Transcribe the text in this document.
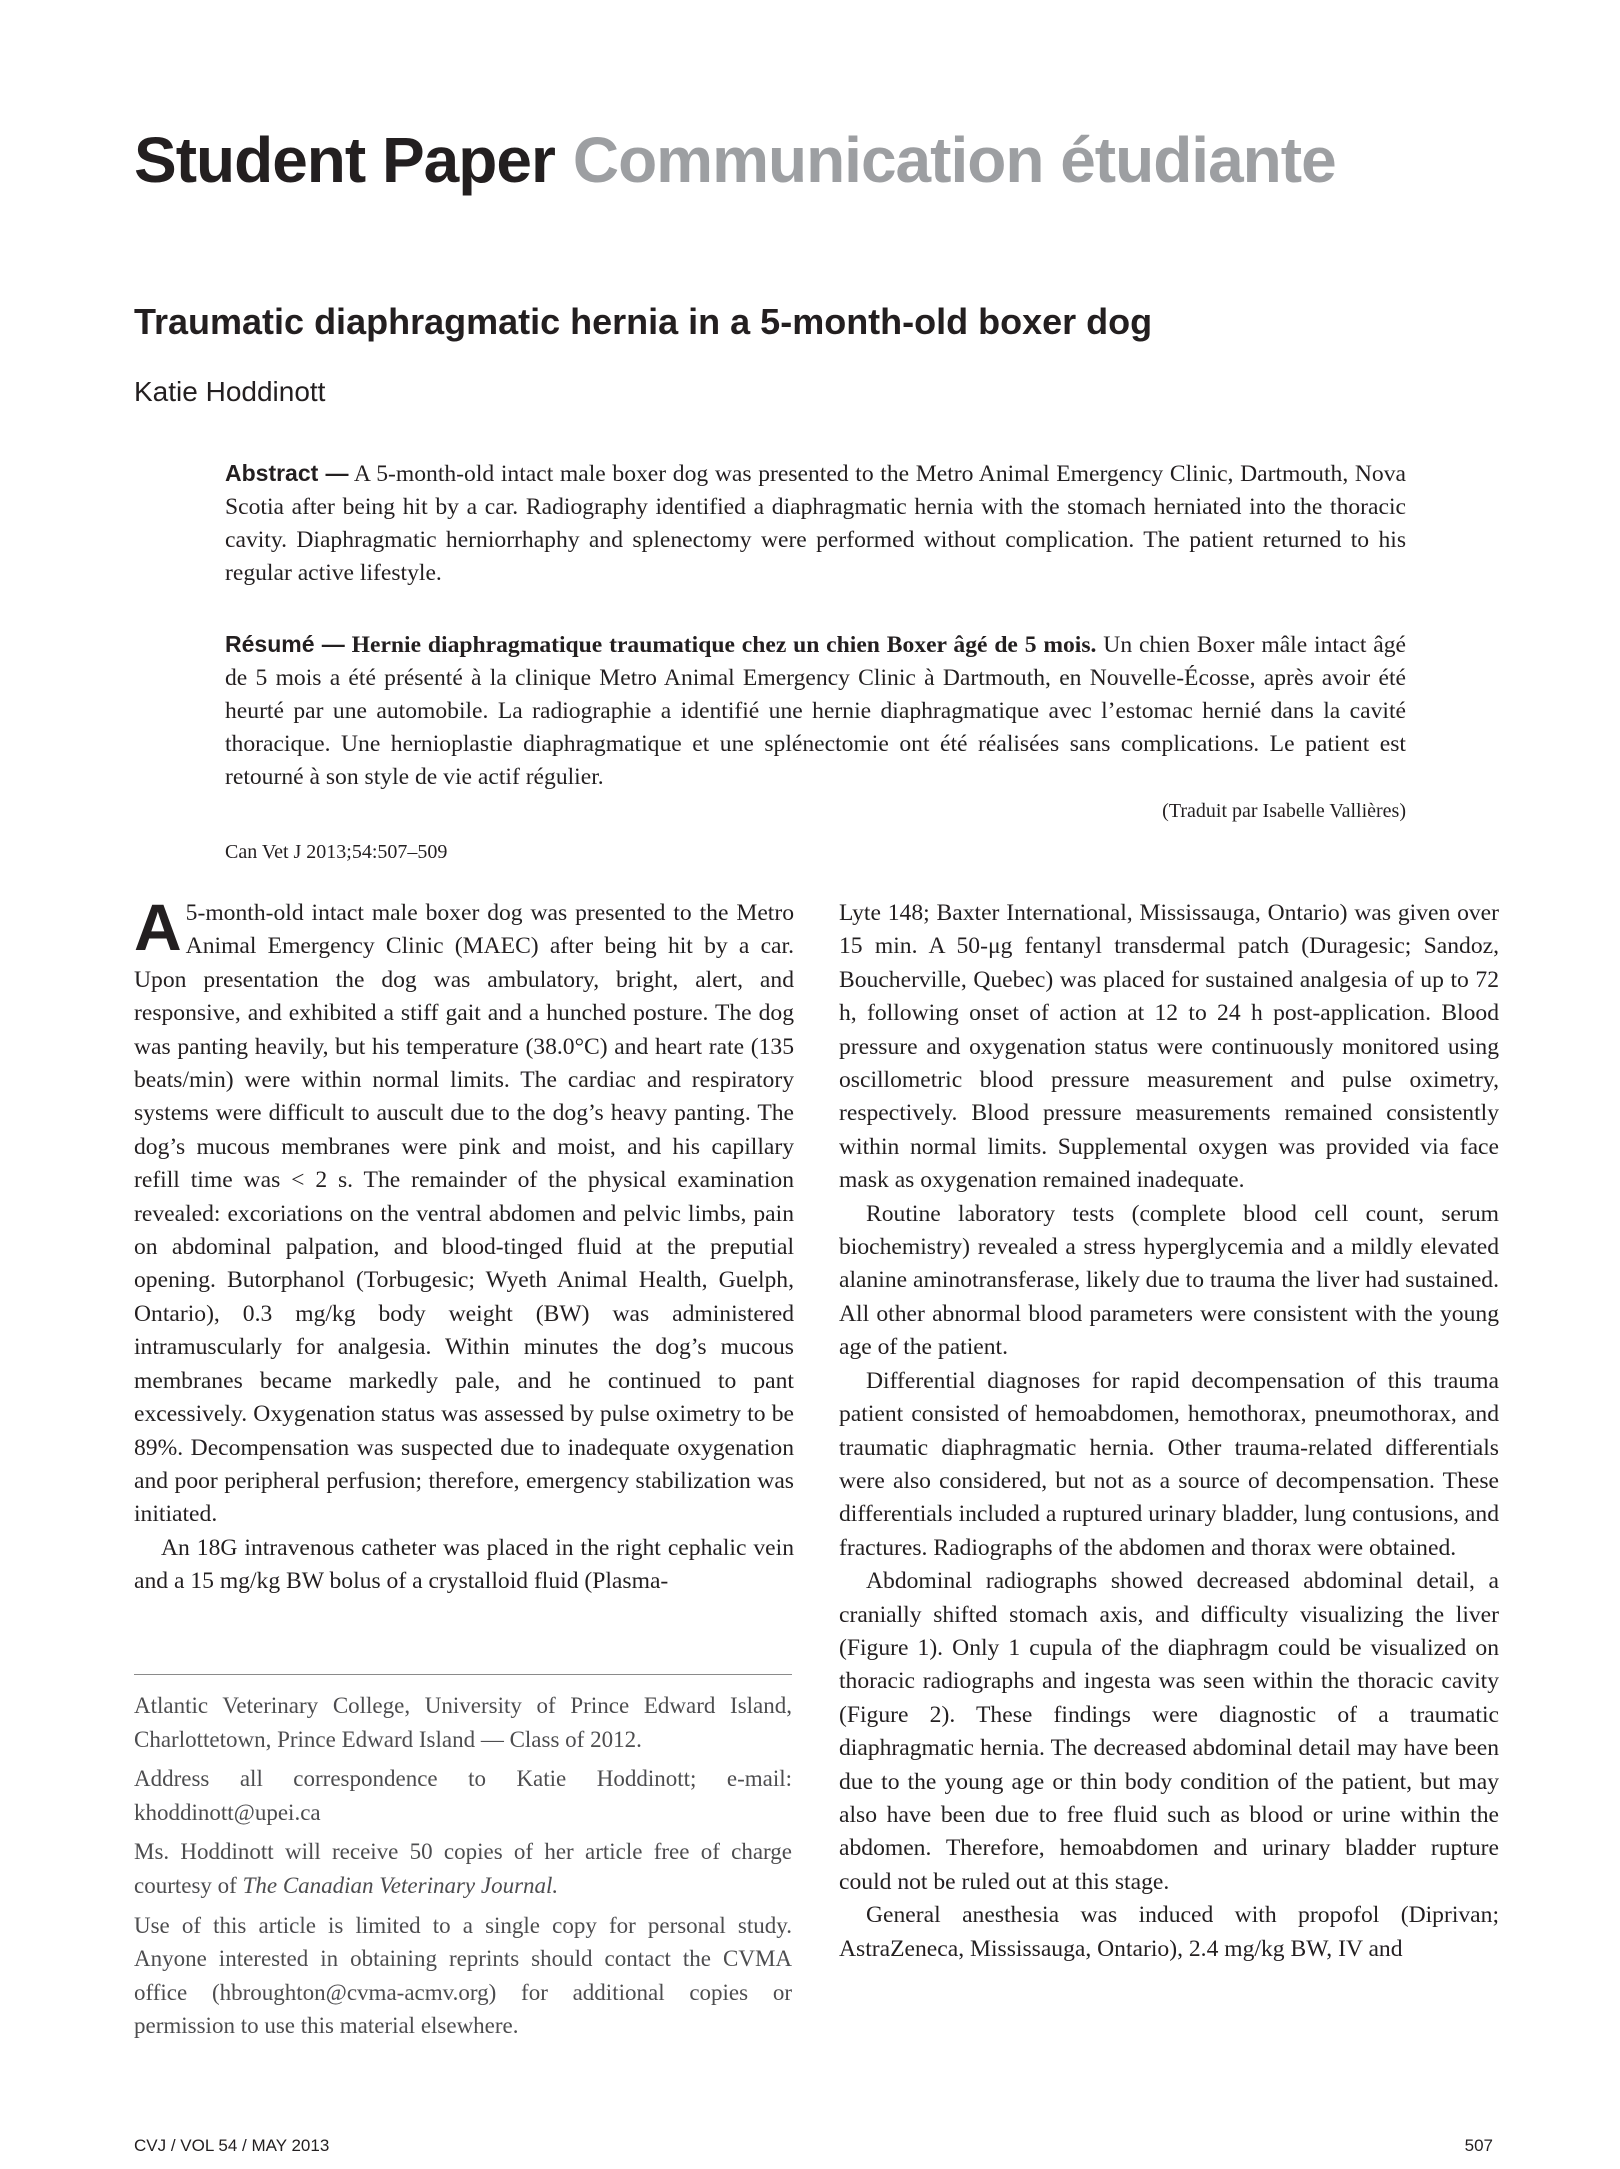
Student Paper Communication étudiante
Traumatic diaphragmatic hernia in a 5-month-old boxer dog
Katie Hoddinott
Abstract — A 5-month-old intact male boxer dog was presented to the Metro Animal Emergency Clinic, Dartmouth, Nova Scotia after being hit by a car. Radiography identified a diaphragmatic hernia with the stomach herniated into the thoracic cavity. Diaphragmatic herniorrhaphy and splenectomy were performed without complication. The patient returned to his regular active lifestyle.
Résumé — Hernie diaphragmatique traumatique chez un chien Boxer âgé de 5 mois. Un chien Boxer mâle intact âgé de 5 mois a été présenté à la clinique Metro Animal Emergency Clinic à Dartmouth, en Nouvelle-Écosse, après avoir été heurté par une automobile. La radiographie a identifié une hernie diaphragmatique avec l’estomac hernié dans la cavité thoracique. Une hernioplastie diaphragmatique et une splénectomie ont été réalisées sans complications. Le patient est retourné à son style de vie actif régulier.
(Traduit par Isabelle Vallières)
Can Vet J 2013;54:507–509

A 5-month-old intact male boxer dog was presented to the Metro Animal Emergency Clinic (MAEC) after being hit by a car. Upon presentation the dog was ambulatory, bright, alert, and responsive, and exhibited a stiff gait and a hunched posture. The dog was panting heavily, but his temperature (38.0°C) and heart rate (135 beats/min) were within normal limits. The cardiac and respiratory systems were difficult to auscult due to the dog’s heavy panting. The dog’s mucous membranes were pink and moist, and his capillary refill time was < 2 s. The remainder of the physical examination revealed: excoriations on the ventral abdomen and pelvic limbs, pain on abdominal palpation, and blood-tinged fluid at the preputial opening. Butorphanol (Torbugesic; Wyeth Animal Health, Guelph, Ontario), 0.3 mg/kg body weight (BW) was administered intramuscularly for analgesia. Within minutes the dog’s mucous membranes became markedly pale, and he continued to pant excessively. Oxygenation status was assessed by pulse oximetry to be 89%. Decompensation was suspected due to inadequate oxygenation and poor peripheral perfusion; therefore, emergency stabilization was initiated.

An 18G intravenous catheter was placed in the right cephalic vein and a 15 mg/kg BW bolus of a crystalloid fluid (Plasma-

Atlantic Veterinary College, University of Prince Edward Island, Charlottetown, Prince Edward Island — Class of 2012.

Address all correspondence to Katie Hoddinott; e-mail: khoddinott@upei.ca

Ms. Hoddinott will receive 50 copies of her article free of charge courtesy of The Canadian Veterinary Journal.

Use of this article is limited to a single copy for personal study. Anyone interested in obtaining reprints should contact the CVMA office (hbroughton@cvma-acmv.org) for additional copies or permission to use this material elsewhere.

Lyte 148; Baxter International, Mississauga, Ontario) was given over 15 min. A 50-μg fentanyl transdermal patch (Duragesic; Sandoz, Boucherville, Quebec) was placed for sustained analgesia of up to 72 h, following onset of action at 12 to 24 h post-application. Blood pressure and oxygenation status were continuously monitored using oscillometric blood pressure measurement and pulse oximetry, respectively. Blood pressure measurements remained consistently within normal limits. Supplemental oxygen was provided via face mask as oxygenation remained inadequate.

Routine laboratory tests (complete blood cell count, serum biochemistry) revealed a stress hyperglycemia and a mildly elevated alanine aminotransferase, likely due to trauma the liver had sustained. All other abnormal blood parameters were consistent with the young age of the patient.

Differential diagnoses for rapid decompensation of this trauma patient consisted of hemoabdomen, hemothorax, pneumothorax, and traumatic diaphragmatic hernia. Other trauma-related differentials were also considered, but not as a source of decompensation. These differentials included a ruptured urinary bladder, lung contusions, and fractures. Radiographs of the abdomen and thorax were obtained.

Abdominal radiographs showed decreased abdominal detail, a cranially shifted stomach axis, and difficulty visualizing the liver (Figure 1). Only 1 cupula of the diaphragm could be visualized on thoracic radiographs and ingesta was seen within the thoracic cavity (Figure 2). These findings were diagnostic of a traumatic diaphragmatic hernia. The decreased abdominal detail may have been due to the young age or thin body condition of the patient, but may also have been due to free fluid such as blood or urine within the abdomen. Therefore, hemoabdomen and urinary bladder rupture could not be ruled out at this stage.

General anesthesia was induced with propofol (Diprivan; AstraZeneca, Mississauga, Ontario), 2.4 mg/kg BW, IV and

CVJ / VOL 54 / MAY 2013	507
